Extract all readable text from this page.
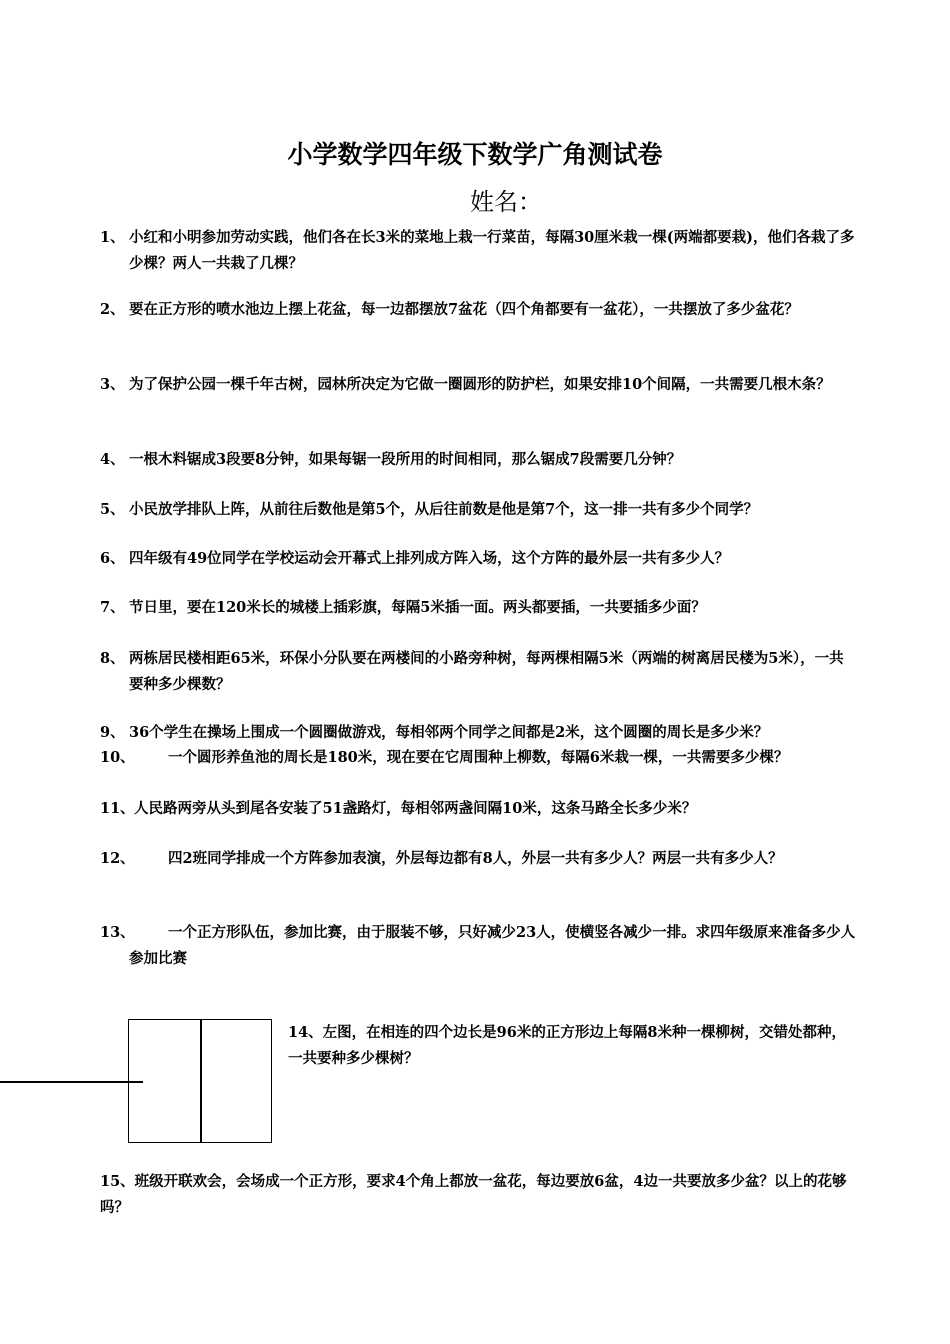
小学数学四年级下数学广角测试卷
姓名：
1、 小红和小明参加劳动实践，他们各在长3米的菜地上栽一行菜苗，每隔30厘米栽一棵(两端都要栽)，他们各栽了多少棵？两人一共栽了几棵？
2、 要在正方形的喷水池边上摆上花盆，每一边都摆放7盆花（四个角都要有一盆花），一共摆放了多少盆花？
3、 为了保护公园一棵千年古树，园林所决定为它做一圈圆形的防护栏，如果安排10个间隔，一共需要几根木条？
4、 一根木料锯成3段要8分钟，如果每锯一段所用的时间相同，那么锯成7段需要几分钟？
5、 小民放学排队上阵，从前往后数他是第5个，从后往前数是他是第7个，这一排一共有多少个同学？
6、 四年级有49位同学在学校运动会开幕式上排列成方阵入场，这个方阵的最外层一共有多少人？
7、 节日里，要在120米长的城楼上插彩旗，每隔5米插一面。两头都要插，一共要插多少面？
8、 两栋居民楼相距65米，环保小分队要在两楼间的小路旁种树，每两棵相隔5米（两端的树离居民楼为5米），一共要种多少棵数？
9、 36个学生在操场上围成一个圆圈做游戏，每相邻两个同学之间都是2米，这个圆圈的周长是多少米？
10、	一个圆形养鱼池的周长是180米，现在要在它周围种上柳数，每隔6米栽一棵，一共需要多少棵？
11、 人民路两旁从头到尾各安装了51盏路灯，每相邻两盏间隔10米，这条马路全长多少米？
12、	四2班同学排成一个方阵参加表演，外层每边都有8人，外层一共有多少人？两层一共有多少人？
13、	一个正方形队伍，参加比赛，由于服装不够，只好减少23人，使横竖各减少一排。求四年级原来准备多少人参加比赛
14、左图，在相连的四个边长是96米的正方形边上每隔8米种一棵柳树，交错处都种，一共要种多少棵树？
15、班级开联欢会，会场成一个正方形，要求4个角上都放一盆花，每边要放6盆，4边一共要放多少盆？以上的花够吗？
